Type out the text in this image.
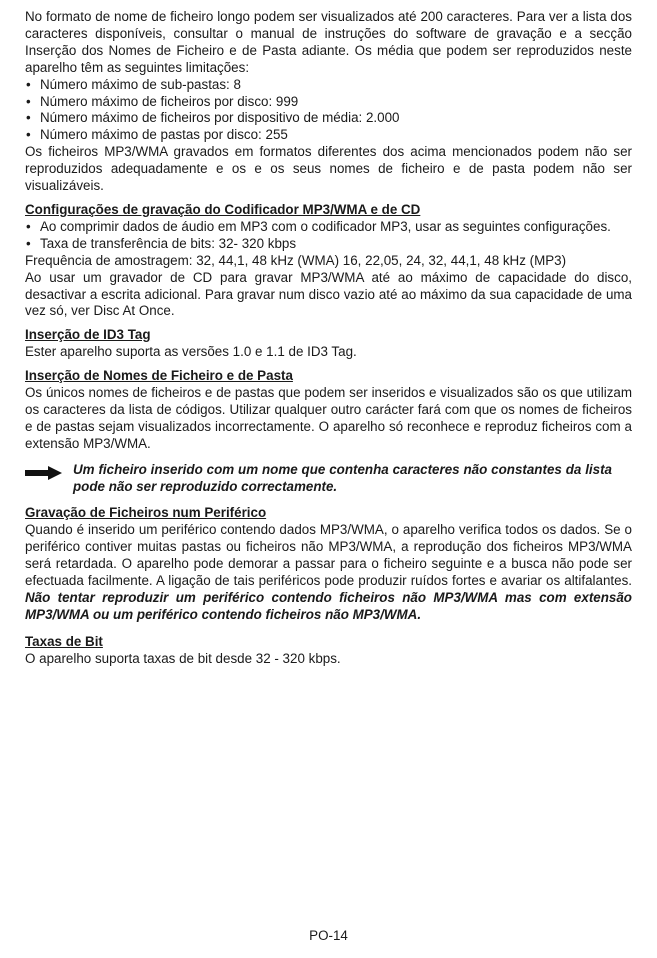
No formato de nome de ficheiro longo podem ser visualizados até 200 caracteres. Para ver a lista dos caracteres disponíveis, consultar o manual de instruções do software de gravação e a secção Inserção dos Nomes de Ficheiro e de Pasta adiante. Os média que podem ser reproduzidos neste aparelho têm as seguintes limitações:

• Número máximo de sub-pastas: 8
• Número máximo de ficheiros por disco: 999
• Número máximo de ficheiros por dispositivo de média: 2.000
• Número máximo de pastas por disco: 255

Os ficheiros MP3/WMA gravados em formatos diferentes dos acima mencionados podem não ser reproduzidos adequadamente e os e os seus nomes de ficheiro e de pasta podem não ser visualizáveis.

Configurações de gravação do Codificador MP3/WMA e de CD
• Ao comprimir dados de áudio em MP3 com o codificador MP3, usar as seguintes configurações.
• Taxa de transferência de bits: 32- 320 kbps

Frequência de amostragem: 32, 44,1, 48 kHz (WMA) 16, 22,05, 24, 32, 44,1, 48 kHz (MP3)

Ao usar um gravador de CD para gravar MP3/WMA até ao máximo de capacidade do disco, desactivar a escrita adicional. Para gravar num disco vazio até ao máximo da sua capacidade de uma vez só, ver Disc At Once.

Inserção de ID3 Tag

Ester aparelho suporta as versões 1.0 e 1.1 de ID3 Tag.

Inserção de Nomes de Ficheiro e de Pasta

Os únicos nomes de ficheiros e de pastas que podem ser inseridos e visualizados são os que utilizam os caracteres da lista de códigos. Utilizar qualquer outro carácter fará com que os nomes de ficheiros e de pastas sejam visualizados incorrectamente. O aparelho só reconhece e reproduz ficheiros com a extensão MP3/WMA.

Um ficheiro inserido com um nome que contenha caracteres não constantes da lista pode não ser reproduzido correctamente.
Gravação de Ficheiros num Periférico

Quando é inserido um periférico contendo dados MP3/WMA, o aparelho verifica todos os dados. Se o periférico contiver muitas pastas ou ficheiros não MP3/WMA, a reprodução dos ficheiros MP3/WMA será retardada. O aparelho pode demorar a passar para o ficheiro seguinte e a busca não pode ser efectuada facilmente. A ligação de tais periféricos pode produzir ruídos fortes e avariar os altifalantes. Não tentar reproduzir um periférico contendo ficheiros não MP3/WMA mas com extensão MP3/WMA ou um periférico contendo ficheiros não MP3/WMA.

Taxas de Bit

O aparelho suporta taxas de bit desde 32 - 320 kbps.

PO-14
